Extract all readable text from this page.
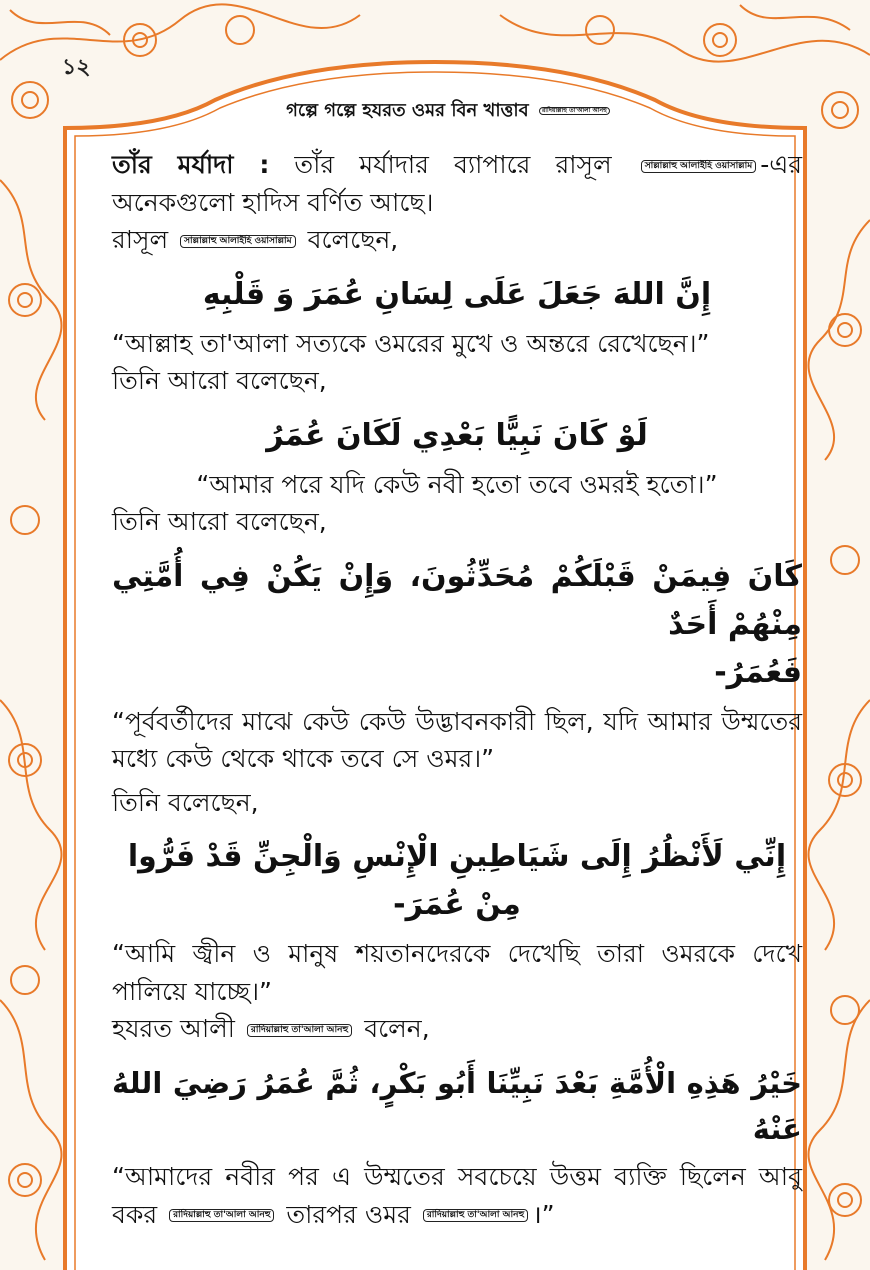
১২
গল্পে গল্পে হযরত ওমর বিন খাত্তাব রাদিয়াল্লাহু তা'আলা আনহু

তাঁর মর্যাদা : তাঁর মর্যাদার ব্যাপারে রাসূল	সাল্লাল্লাহু আলাইহি ওয়াসাল্লাম -এর অনেকগুলো হাদিস বর্ণিত আছে।

রাসূল সাল্লাল্লাহু আলাইহি ওয়াসাল্লাম বলেছেন,

إِنَّ اللهَ جَعَلَ عَلَى لِسَانِ عُمَرَ وَ قَلْبِهِ

“আল্লাহ তা'আলা সত্যকে ওমরের মুখে ও অন্তরে রেখেছেন।”

তিনি আরো বলেছেন,

لَوْ كَانَ نَبِيًّا بَعْدِي لَكَانَ عُمَرُ

“আমার পরে যদি কেউ নবী হতো তবে ওমরই হতো।”

তিনি আরো বলেছেন,

كَانَ فِيمَنْ قَبْلَكُمْ مُحَدِّثُونَ، وَإِنْ يَكُنْ فِي أُمَّتِي مِنْهُمْ أَحَدٌ
فَعُمَرُ-

“পূর্ববর্তীদের মাঝে কেউ কেউ উদ্ভাবনকারী ছিল, যদি আমার উম্মতের মধ্যে কেউ থেকে থাকে তবে সে ওমর।”

তিনি বলেছেন,

إِنِّي لَأَنْظُرُ إِلَى شَيَاطِينِ الْإِنْسِ وَالْجِنِّ قَدْ فَرُّوا مِنْ عُمَرَ-

“আমি জ্বীন ও মানুষ শয়তানদেরকে দেখেছি তারা ওমরকে দেখে পালিয়ে যাচ্ছে।”

হযরত আলী রাদিয়াল্লাহু তা'আলা আনহু বলেন,

خَيْرُ هَذِهِ الْأُمَّةِ بَعْدَ نَبِيِّنَا أَبُو بَكْرٍ، ثُمَّ عُمَرُ رَضِيَ اللهُ عَنْهُ

“আমাদের নবীর পর এ উম্মতের সবচেয়ে উত্তম ব্যক্তি ছিলেন আবু বকর রাদিয়াল্লাহু তা'আলা আনহু তারপর ওমর রাদিয়াল্লাহু তা'আলা আনহু ।”
